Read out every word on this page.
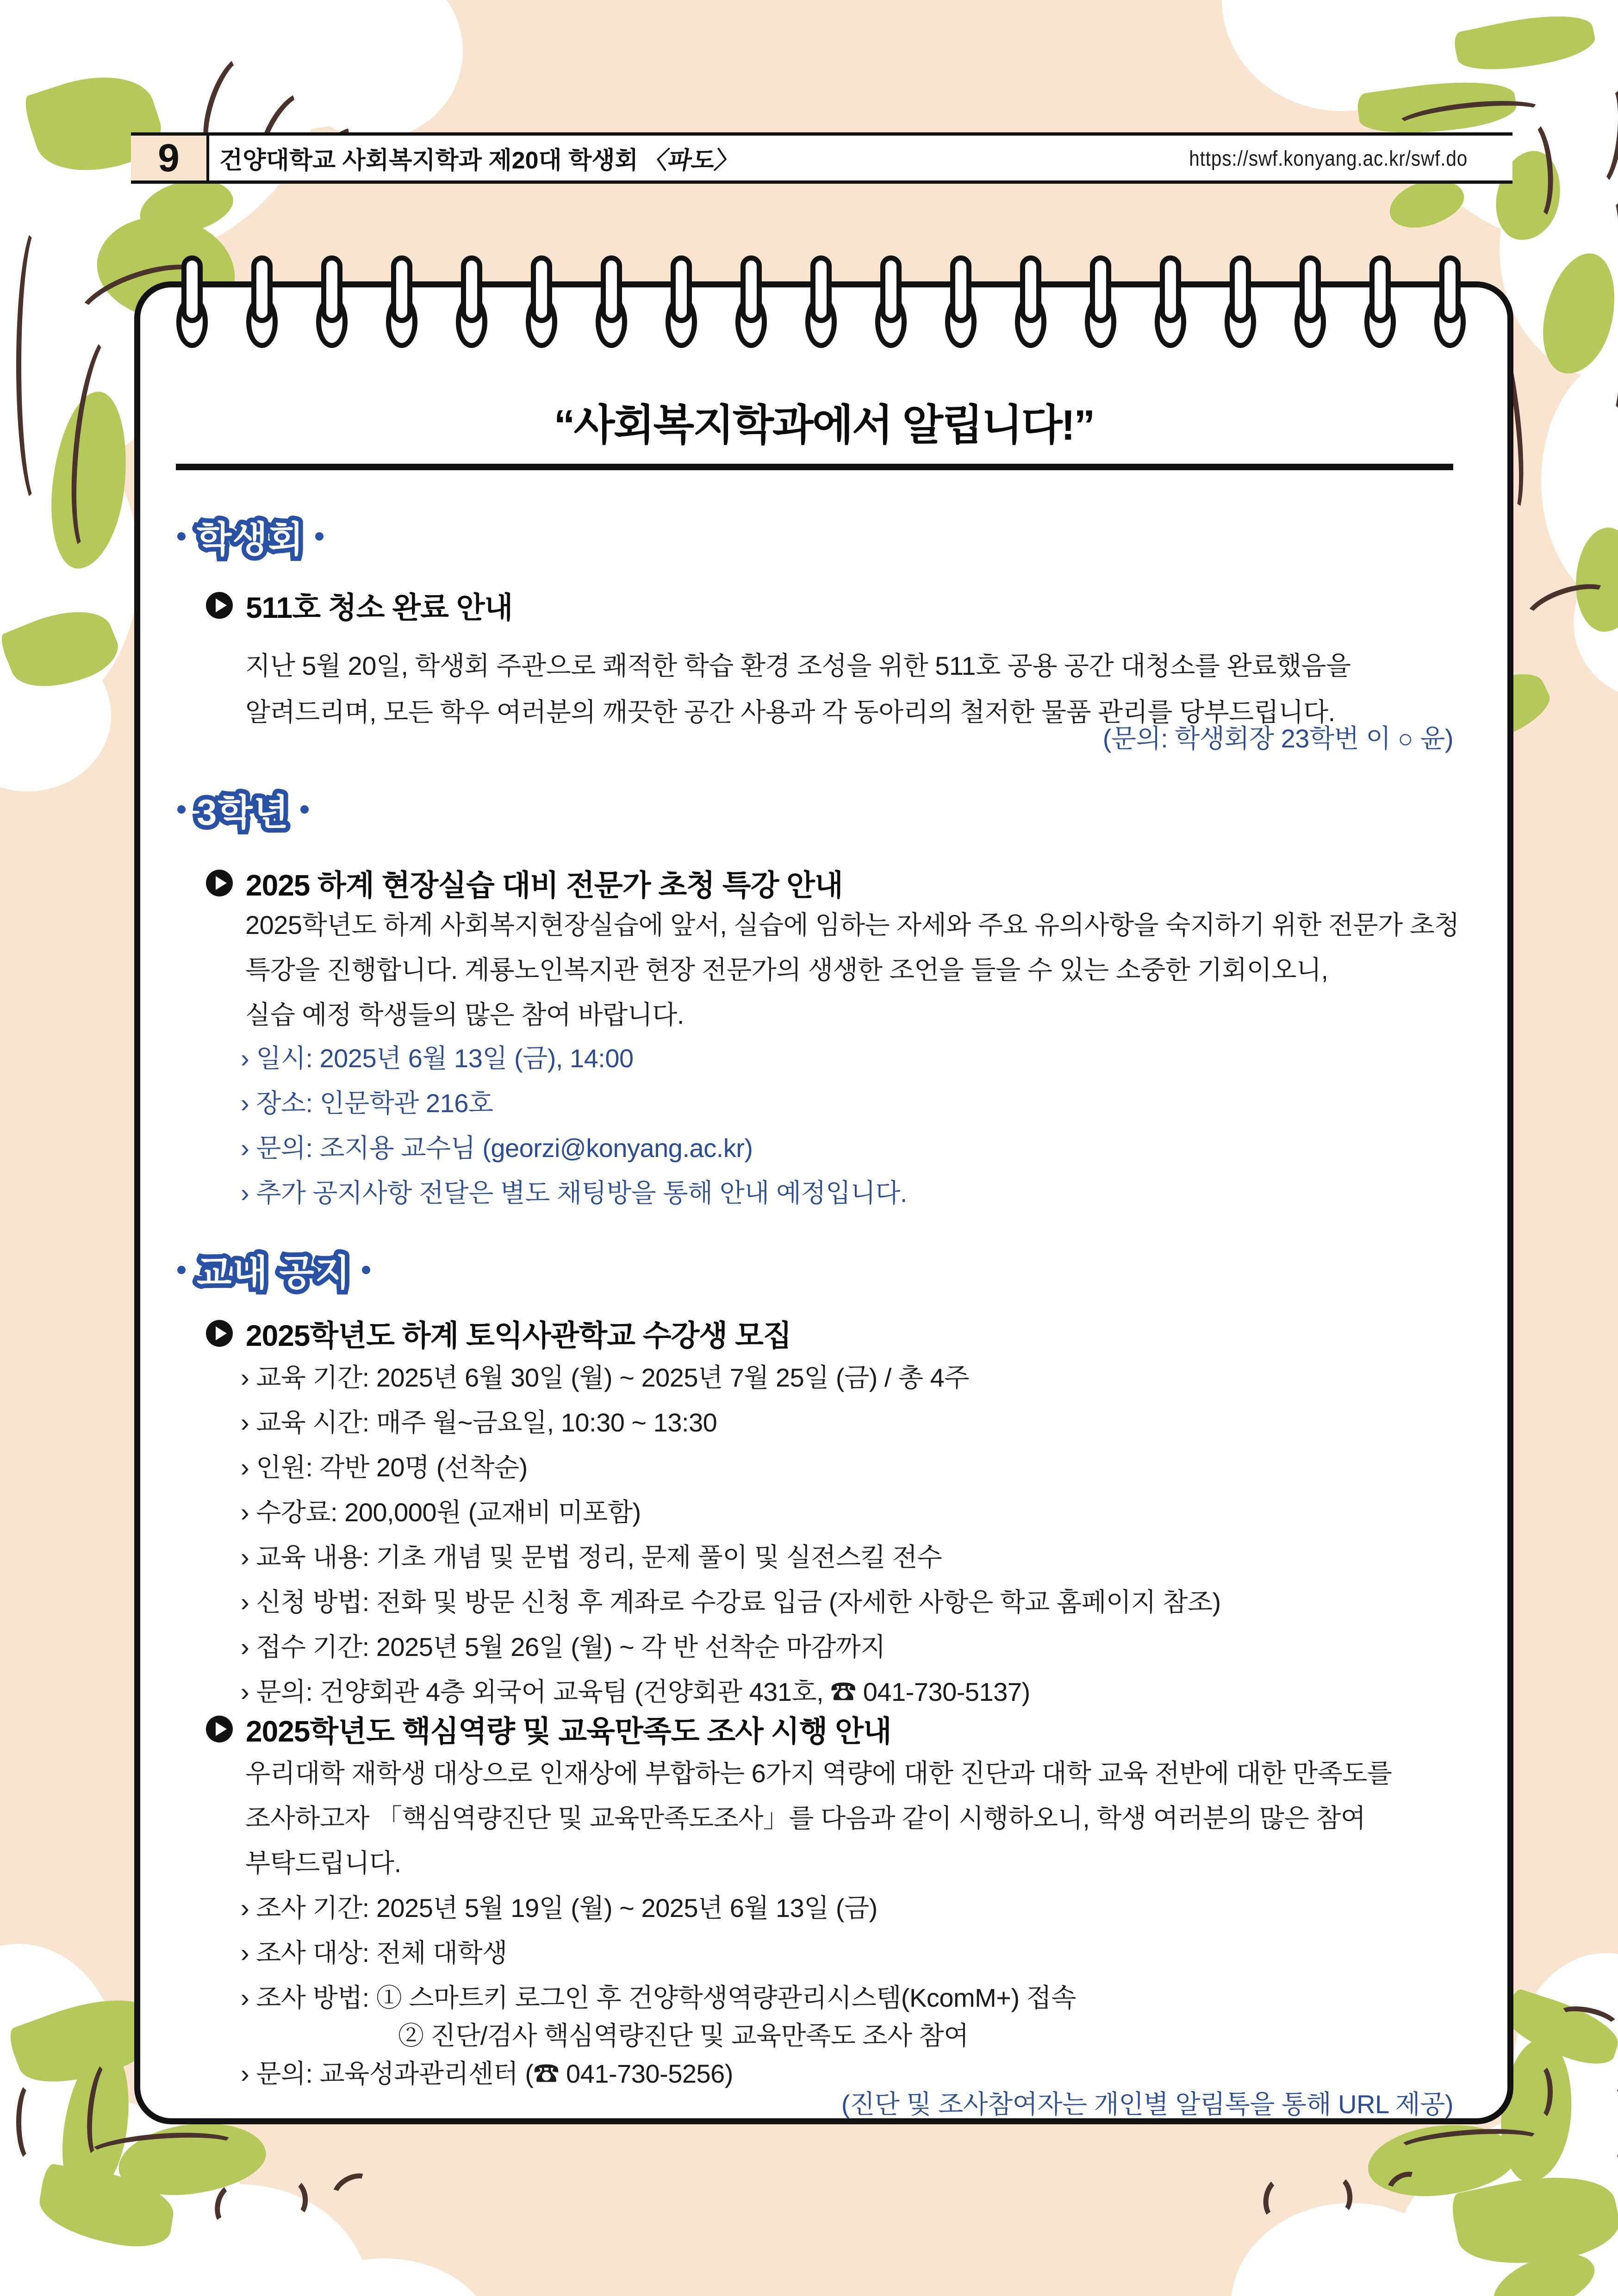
9	건양대학교 사회복지학과 제20대 학생회 〈파도〉	https://swf.konyang.ac.kr/swf.do
“사회복지학과에서 알립니다!”
학생회 학생회
511호 청소 완료 안내
지난 5월 20일, 학생회 주관으로 쾌적한 학습 환경 조성을 위한 511호 공용 공간 대청소를 완료했음을
알려드리며, 모든 학우 여러분의 깨끗한 공간 사용과 각 동아리의 철저한 물품 관리를 당부드립니다.
(문의: 학생회장 23학번 이 ○ 윤)
3학년 3학년
2025 하계 현장실습 대비 전문가 초청 특강 안내
2025학년도 하계 사회복지현장실습에 앞서, 실습에 임하는 자세와 주요 유의사항을 숙지하기 위한 전문가 초청
특강을 진행합니다. 계룡노인복지관 현장 전문가의 생생한 조언을 들을 수 있는 소중한 기회이오니,
실습 예정 학생들의 많은 참여 바랍니다.
› 일시: 2025년 6월 13일 (금), 14:00
› 장소: 인문학관 216호
› 문의: 조지용 교수님 (georzi@konyang.ac.kr)
› 추가 공지사항 전달은 별도 채팅방을 통해 안내 예정입니다.
교내 공지 교내 공지
2025학년도 하계 토익사관학교 수강생 모집
› 교육 기간: 2025년 6월 30일 (월) ~ 2025년 7월 25일 (금) / 총 4주
› 교육 시간: 매주 월~금요일, 10:30 ~ 13:30
› 인원: 각반 20명 (선착순)
› 수강료: 200,000원 (교재비 미포함)
› 교육 내용: 기초 개념 및 문법 정리, 문제 풀이 및 실전스킬 전수
› 신청 방법: 전화 및 방문 신청 후 계좌로 수강료 입금 (자세한 사항은 학교 홈페이지 참조)
› 접수 기간: 2025년 5월 26일 (월) ~ 각 반 선착순 마감까지
› 문의: 건양회관 4층 외국어 교육팀 (건양회관 431호, ☎ 041-730-5137)
2025학년도 핵심역량 및 교육만족도 조사 시행 안내
우리대학 재학생 대상으로 인재상에 부합하는 6가지 역량에 대한 진단과 대학 교육 전반에 대한 만족도를
조사하고자 「핵심역량진단 및 교육만족도조사」를 다음과 같이 시행하오니, 학생 여러분의 많은 참여
부탁드립니다.
› 조사 기간: 2025년 5월 19일 (월) ~ 2025년 6월 13일 (금)
› 조사 대상: 전체 대학생
› 조사 방법: ① 스마트키 로그인 후 건양학생역량관리시스템(KcomM+) 접속
② 진단/검사 핵심역량진단 및 교육만족도 조사 참여
› 문의: 교육성과관리센터 (☎ 041-730-5256)
(진단 및 조사참여자는 개인별 알림톡을 통해 URL 제공)
